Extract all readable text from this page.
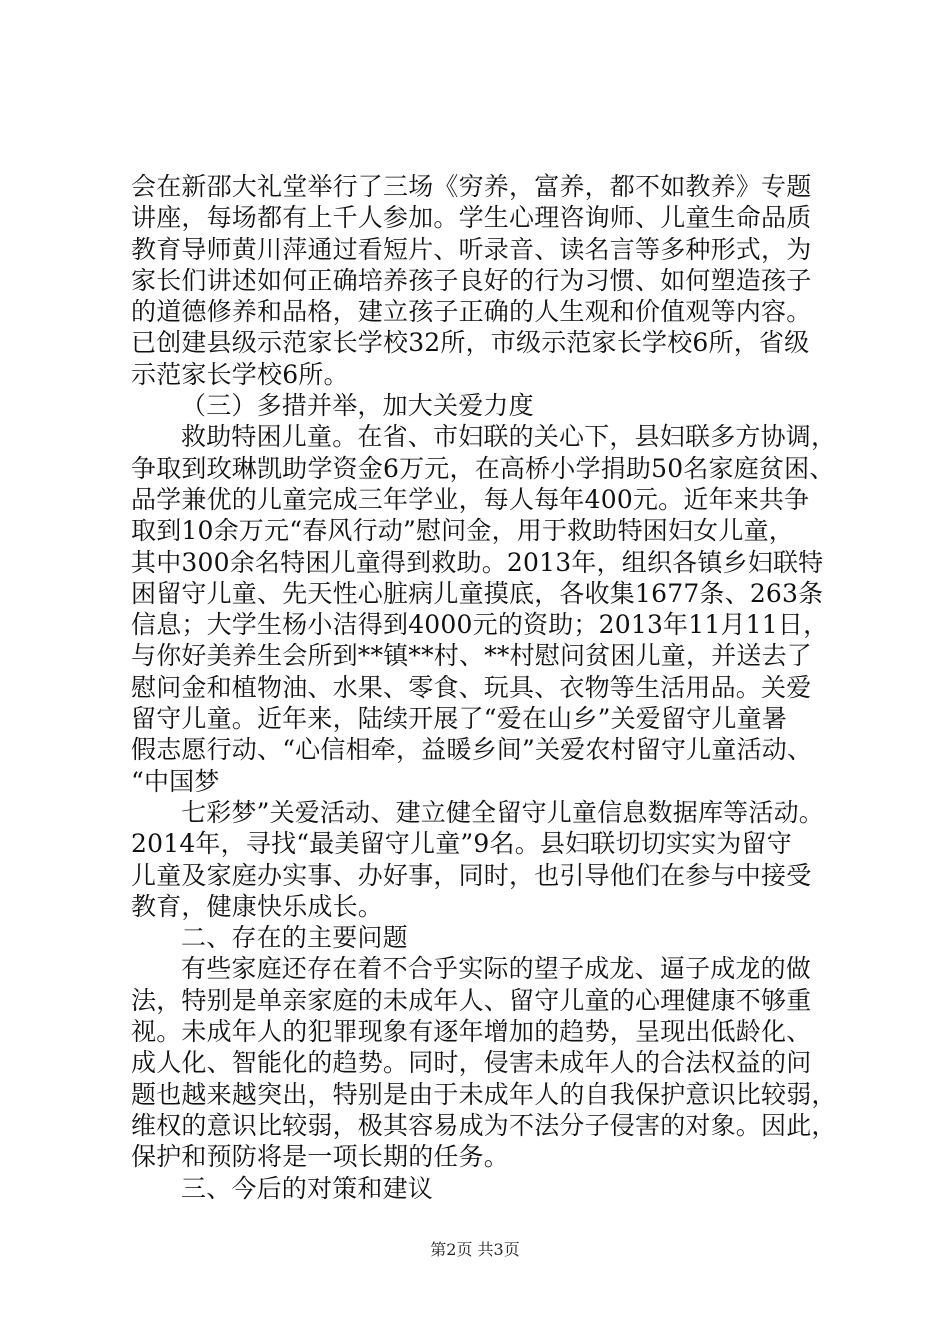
会在新邵大礼堂举行了三场《穷养，富养，都不如教养》专题
讲座，每场都有上千人参加。学生心理咨询师、儿童生命品质
教育导师黄川萍通过看短片、听录音、读名言等多种形式，为
家长们讲述如何正确培养孩子良好的行为习惯、如何塑造孩子
的道德修养和品格，建立孩子正确的人生观和价值观等内容。
已创建县级示范家长学校32所，市级示范家长学校6所，省级
示范家长学校6所。
（三）多措并举，加大关爱力度
救助特困儿童。在省、市妇联的关心下，县妇联多方协调，
争取到玫琳凯助学资金6万元，在高桥小学捐助50名家庭贫困、
品学兼优的儿童完成三年学业，每人每年400元。近年来共争
取到10余万元“春风行动”慰问金，用于救助特困妇女儿童，
其中300余名特困儿童得到救助。2013年，组织各镇乡妇联特
困留守儿童、先天性心脏病儿童摸底，各收集1677条、263条
信息；大学生杨小洁得到4000元的资助；2013年11月11日，
与你好美养生会所到**镇**村、**村慰问贫困儿童，并送去了
慰问金和植物油、水果、零食、玩具、衣物等生活用品。关爱
留守儿童。近年来，陆续开展了“爱在山乡”关爱留守儿童暑
假志愿行动、“心信相牵，益暖乡间”关爱农村留守儿童活动、
“中国梦
七彩梦”关爱活动、建立健全留守儿童信息数据库等活动。
2014年，寻找“最美留守儿童”9名。县妇联切切实实为留守
儿童及家庭办实事、办好事，同时，也引导他们在参与中接受
教育，健康快乐成长。
二、存在的主要问题
有些家庭还存在着不合乎实际的望子成龙、逼子成龙的做
法，特别是单亲家庭的未成年人、留守儿童的心理健康不够重
视。未成年人的犯罪现象有逐年增加的趋势，呈现出低龄化、
成人化、智能化的趋势。同时，侵害未成年人的合法权益的问
题也越来越突出，特别是由于未成年人的自我保护意识比较弱，
维权的意识比较弱，极其容易成为不法分子侵害的对象。因此，
保护和预防将是一项长期的任务。
三、今后的对策和建议
第2页 共3页
